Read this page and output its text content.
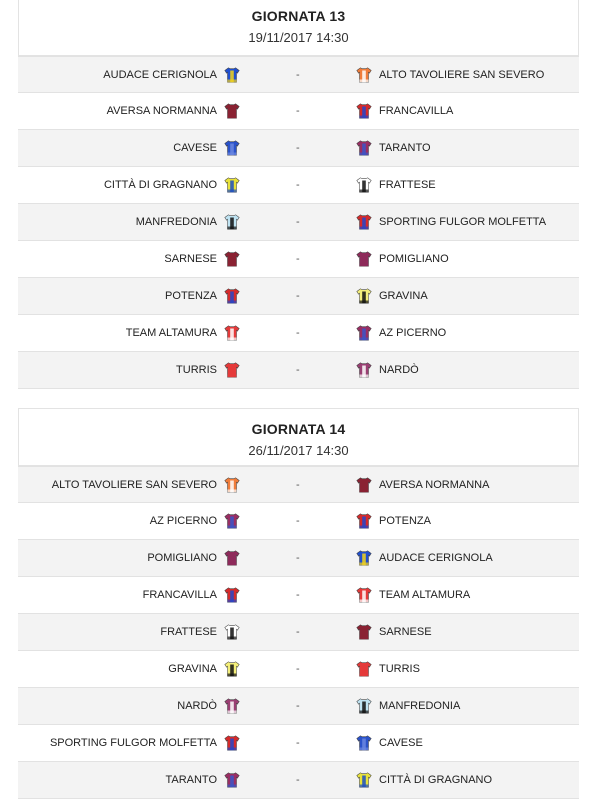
GIORNATA 13
19/11/2017 14:30
AUDACE CERIGNOLA	-	ALTO TAVOLIERE SAN SEVERO
AVERSA NORMANNA	-	FRANCAVILLA
CAVESE	-	TARANTO
CITTÀ DI GRAGNANO	-	FRATTESE
MANFREDONIA	-	SPORTING FULGOR MOLFETTA
SARNESE	-	POMIGLIANO
POTENZA	-	GRAVINA
TEAM ALTAMURA	-	AZ PICERNO
TURRIS	-	NARDÒ
GIORNATA 14
26/11/2017 14:30
ALTO TAVOLIERE SAN SEVERO	-	AVERSA NORMANNA
AZ PICERNO	-	POTENZA
POMIGLIANO	-	AUDACE CERIGNOLA
FRANCAVILLA	-	TEAM ALTAMURA
FRATTESE	-	SARNESE
GRAVINA	-	TURRIS
NARDÒ	-	MANFREDONIA
SPORTING FULGOR MOLFETTA	-	CAVESE
TARANTO	-	CITTÀ DI GRAGNANO
